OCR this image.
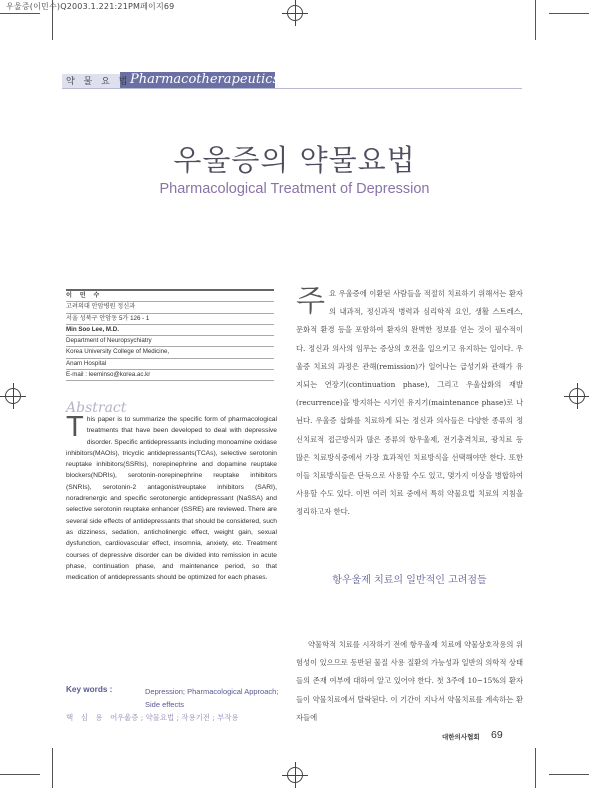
우울증(이민수)Q2003.1.221:21PM페이지69
약 물 요 법 Pharmacotherapeutics
우울증의 약물요법
Pharmacological Treatment of Depression
이 민 수
고려의대 안암병원 정신과
서울 성북구 안암동 5가 126 - 1
Min Soo Lee, M.D.
Department of Neuropsychiatry
Korea University College of Medicine,
Anam Hospital
E-mail : leeminso@korea.ac.kr
Abstract
This paper is to summarize the specific form of pharmacological treatments that have been developed to deal with depressive disorder. Specific antidepressants including monoamine oxidase inhibitors(MAOIs), tricyclic antidepressants(TCAs), selective serotonin reuptake inhibitors(SSRIs), norepinephrine and dopamine reuptake blockers(NDRIs), serotonin-norepinephrine reuptake inhibitors (SNRIs), serotonin-2 antagonist/reuptake inhibitors (SARI), noradrenergic and specific serotonergic antidepressant (NaSSA) and selective serotonin reuptake enhancer (SSRE) are reviewed. There are several side effects of antidepressants that should be considered, such as dizziness, sedation, anticholinergic effect, weight gain, sexual dysfunction, cardiovascular effect, insomnia, anxiety, etc. Treatment courses of depressive disorder can be divided into remission in acute phase, continuation phase, and maintenance period, so that medication of antidepressants should be optimized for each phases.
Key words :	Depression; Pharmacological Approach; Side effects
핵 심 용 어 :
우울증 ; 약물요법 ; 작용기전 ; 부작용
주요 우울증에 이환된 사람들을 적절히 치료하기 위해서는 환자의 내과적, 정신과적 병력과 심리학적 요인, 생활 스트레스, 문화적 환경 등을 포함하여 환자의 완벽한 정보를 얻는 것이 필수적이다. 정신과 의사의 임무는 증상의 호전을 일으키고 유지하는 일이다. 우울증 치료의 과정은 관해(remission)가 일어나는 급성기와 관해가 유지되는 연장기(continuation phase), 그리고 우울삽화의 재발(recurrence)을 방지하는 시기인 유지기(maintenance phase)로 나뉜다. 우울증 삽화를 치료하게 되는 정신과 의사들은 다양한 종류의 정신치료적 접근방식과 많은 종류의 항우울제, 전기충격치료, 광치료 등 많은 치료방식중에서 가장 효과적인 치료방식을 선택해야만 한다. 또한 이들 치료방식들은 단독으로 사용할 수도 있고, 몇가지 이상을 병합하여 사용할 수도 있다. 이번 여러 치료 중에서 특히 약물요법 치료의 지침을 정리하고자 한다.
항우울제 치료의 일반적인 고려점들
약물학적 치료를 시작하기 전에 항우울제 치료에 약물상호작용의 위험성이 있으므로 동반된 물질 사용 질환의 가능성과 일반의 의학적 상태들의 존재 여부에 대하여 알고 있어야 한다. 첫 3주에 10~15%의 환자들이 약물치료에서 탈락된다. 이 기간이 지나서 약물치료를 계속하는 환자들에
대한의사협회 69
